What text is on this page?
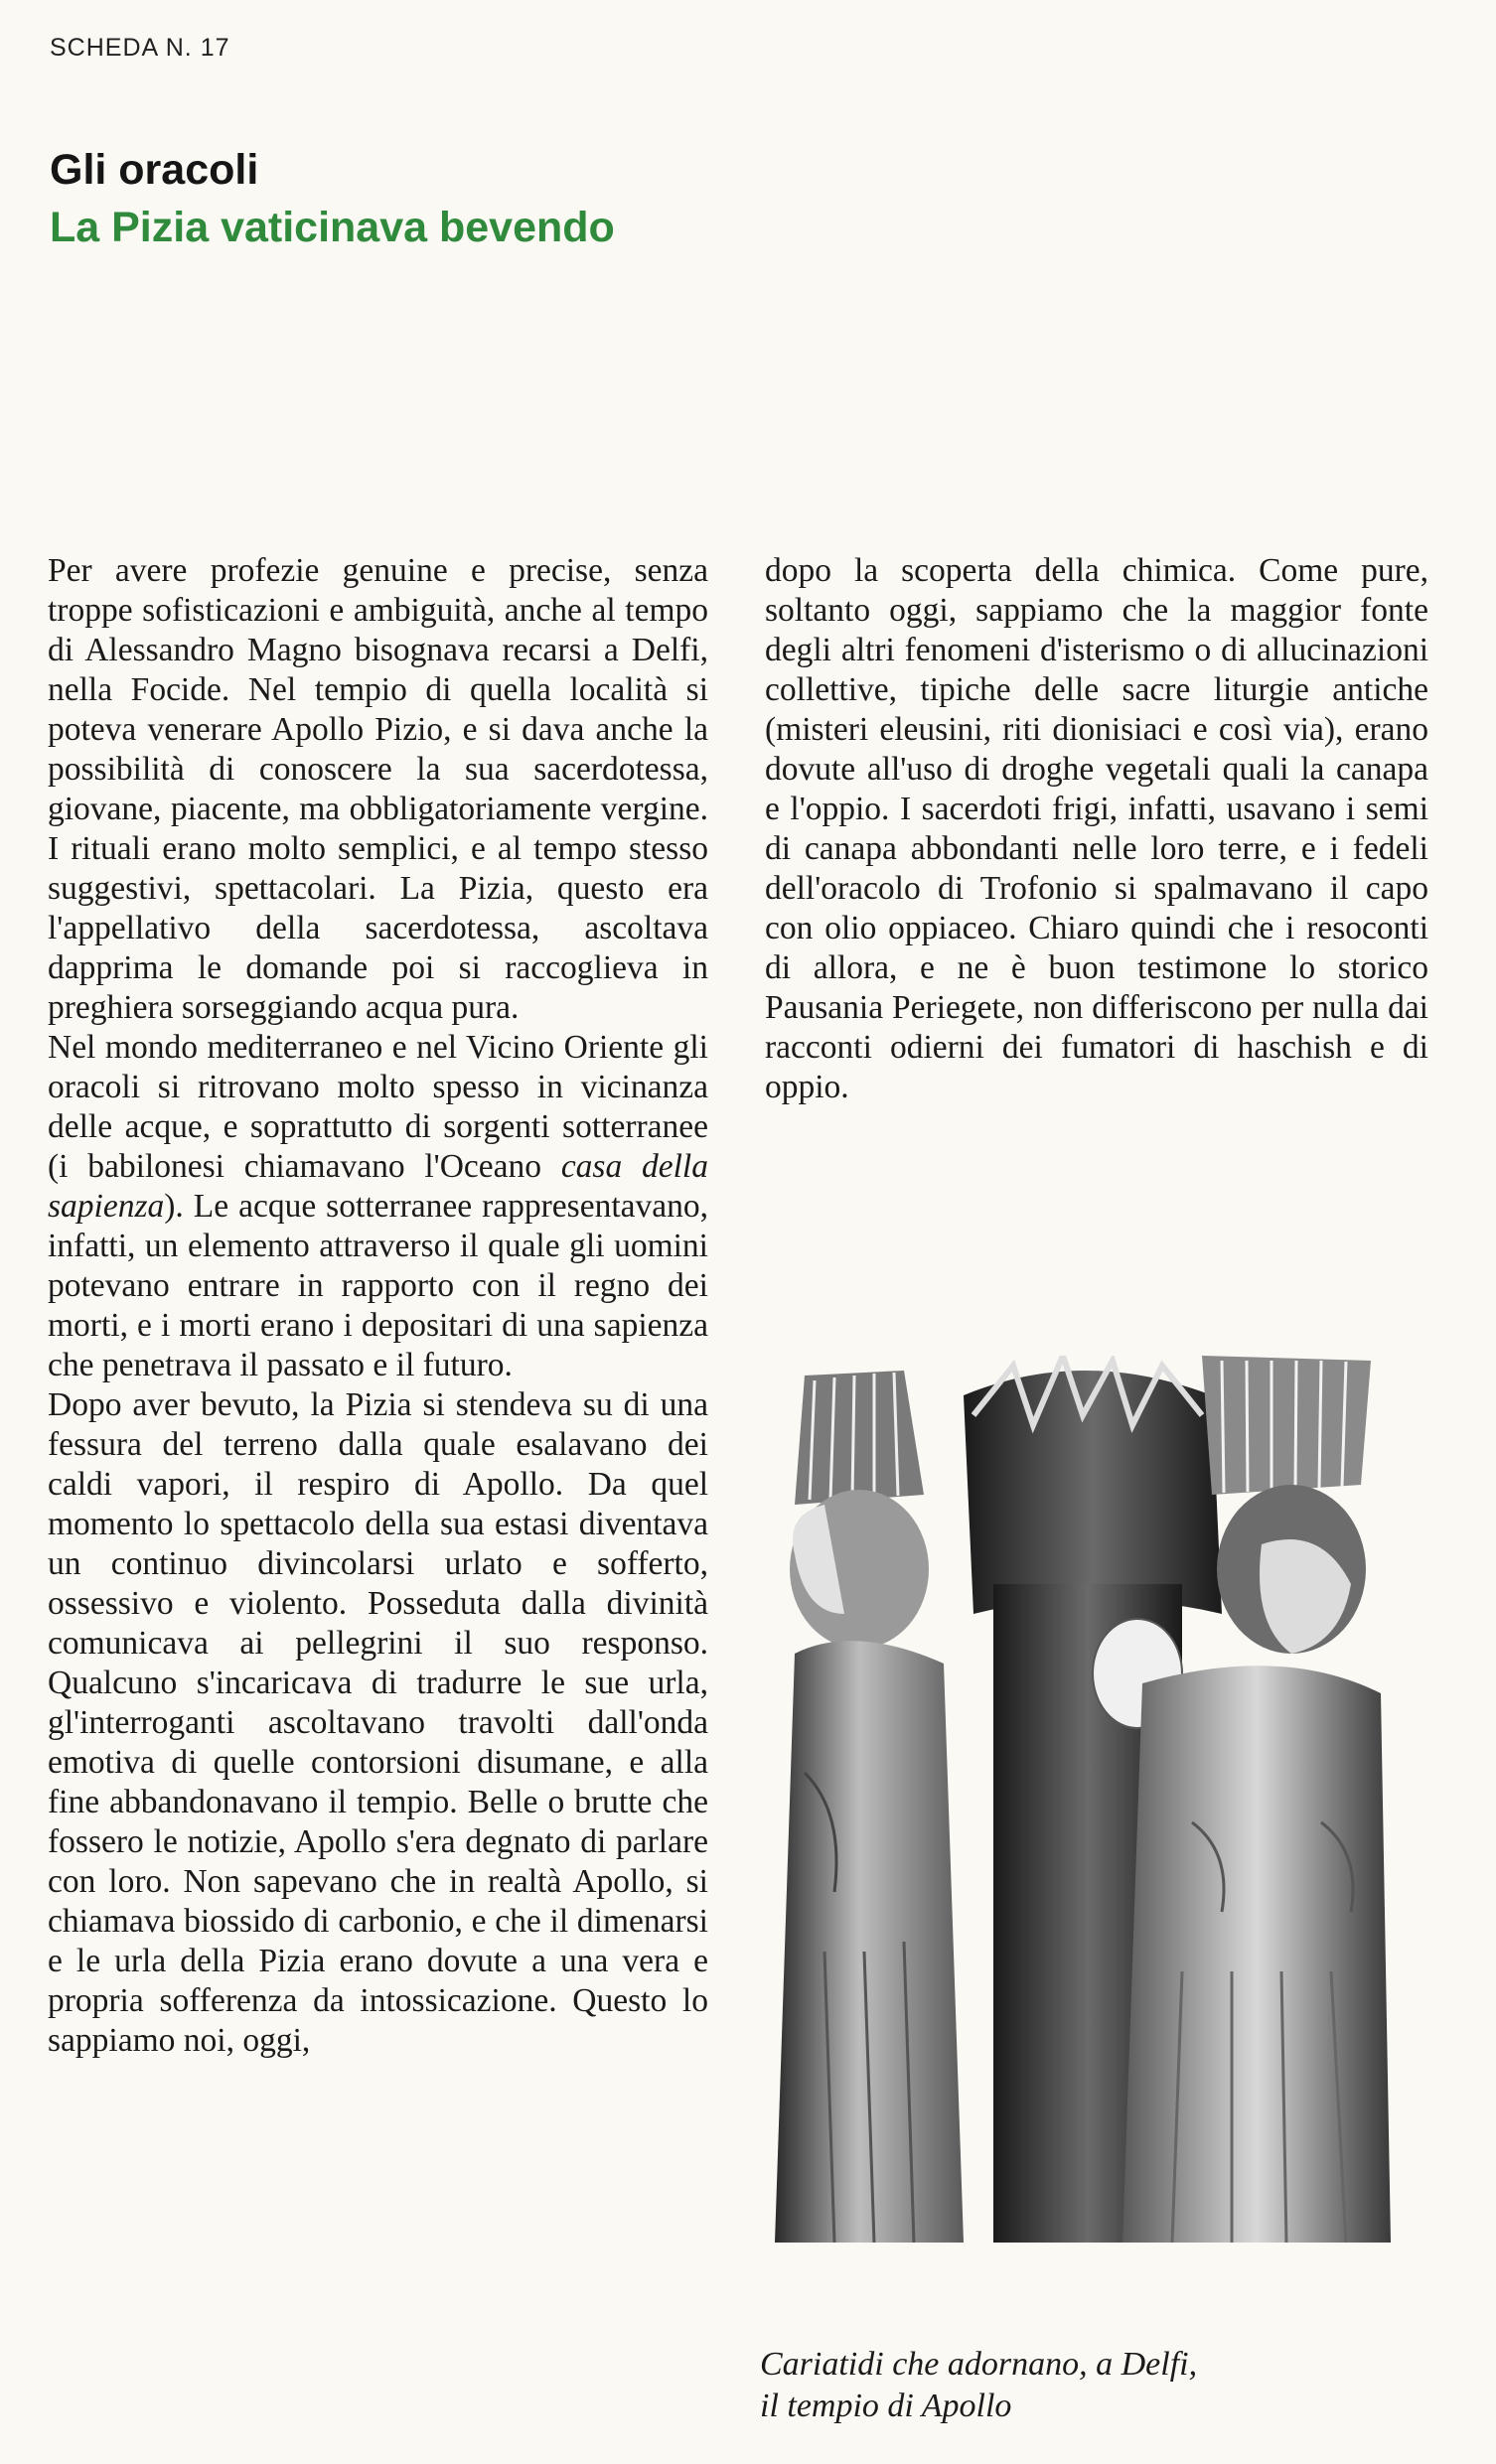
SCHEDA N. 17
Gli oracoli
La Pizia vaticinava bevendo

Per avere profezie genuine e precise, senza troppe sofisticazioni e ambiguità, anche al tempo di Alessandro Magno bisognava recarsi a Delfi, nella Focide. Nel tempio di quella località si poteva venerare Apollo Pizio, e si dava anche la possibilità di conoscere la sua sacerdotessa, giovane, piacente, ma obbligatoriamente vergine. I rituali erano molto semplici, e al tempo stesso suggestivi, spettacolari. La Pizia, questo era l'appellativo della sacerdotessa, ascoltava dapprima le domande poi si raccoglieva in preghiera sorseggiando acqua pura.

Nel mondo mediterraneo e nel Vicino Oriente gli oracoli si ritrovano molto spesso in vicinanza delle acque, e soprattutto di sorgenti sotterranee (i babilonesi chiamavano l'Oceano casa della sapienza). Le acque sotterranee rappresentavano, infatti, un elemento attraverso il quale gli uomini potevano entrare in rapporto con il regno dei morti, e i morti erano i depositari di una sapienza che penetrava il passato e il futuro.

Dopo aver bevuto, la Pizia si stendeva su di una fessura del terreno dalla quale esalavano dei caldi vapori, il respiro di Apollo. Da quel momento lo spettacolo della sua estasi diventava un continuo divincolarsi urlato e sofferto, ossessivo e violento. Posseduta dalla divinità comunicava ai pellegrini il suo responso. Qualcuno s'incaricava di tradurre le sue urla, gl'interroganti ascoltavano travolti dall'onda emotiva di quelle contorsioni disumane, e alla fine abbandonavano il tempio. Belle o brutte che fossero le notizie, Apollo s'era degnato di parlare con loro. Non sapevano che in realtà Apollo, si chiamava biossido di carbonio, e che il dimenarsi e le urla della Pizia erano dovute a una vera e propria sofferenza da intossicazione. Questo lo sappiamo noi, oggi,

dopo la scoperta della chimica. Come pure, soltanto oggi, sappiamo che la maggior fonte degli altri fenomeni d'isterismo o di allucinazioni collettive, tipiche delle sacre liturgie antiche (misteri eleusini, riti dionisiaci e così via), erano dovute all'uso di droghe vegetali quali la canapa e l'oppio. I sacerdoti frigi, infatti, usavano i semi di canapa abbondanti nelle loro terre, e i fedeli dell'oracolo di Trofonio si spalmavano il capo con olio oppiaceo. Chiaro quindi che i resoconti di allora, e ne è buon testimone lo storico Pausania Periegete, non differiscono per nulla dai racconti odierni dei fumatori di haschish e di oppio.

Cariatidi che adornano, a Delfi,
il tempio di Apollo
